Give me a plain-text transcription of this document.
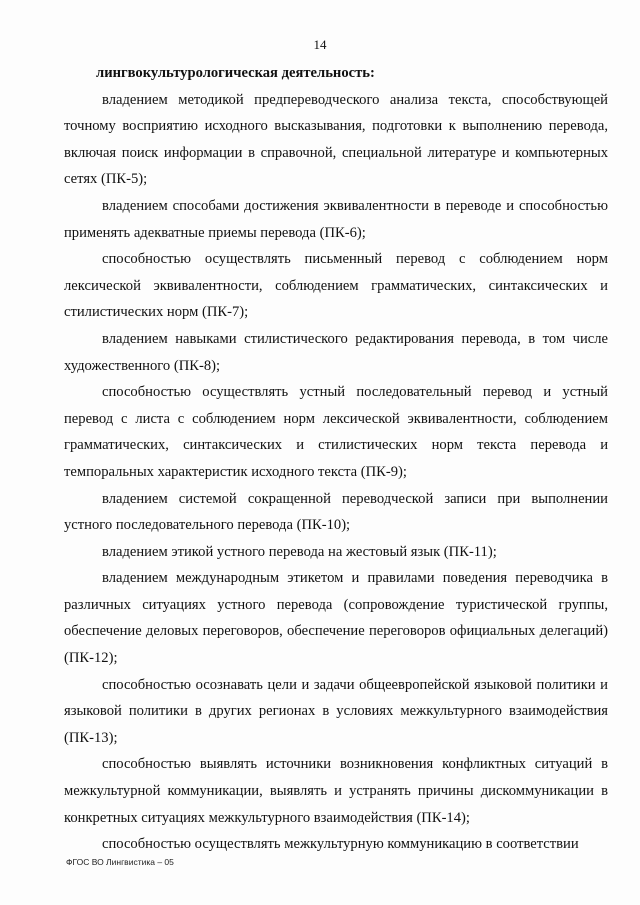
14

лингвокультурологическая деятельность:

владением методикой предпереводческого анализа текста, способствующей точному восприятию исходного высказывания, подготовки к выполнению перевода, включая поиск информации в справочной, специальной литературе и компьютерных сетях (ПК-5);

владением способами достижения эквивалентности в переводе и способностью применять адекватные приемы перевода (ПК-6);

способностью осуществлять письменный перевод с соблюдением норм лексической эквивалентности, соблюдением грамматических, синтаксических и стилистических норм (ПК-7);

владением навыками стилистического редактирования перевода, в том числе художественного (ПК-8);

способностью осуществлять устный последовательный перевод и устный перевод с листа с соблюдением норм лексической эквивалентности, соблюдением грамматических, синтаксических и стилистических норм текста перевода и темпоральных характеристик исходного текста (ПК-9);

владением системой сокращенной переводческой записи при выполнении устного последовательного перевода (ПК-10);

владением этикой устного перевода на жестовый язык (ПК-11);

владением международным этикетом и правилами поведения переводчика в различных ситуациях устного перевода (сопровождение туристической группы, обеспечение деловых переговоров, обеспечение переговоров официальных делегаций) (ПК-12);

способностью осознавать цели и задачи общеевропейской языковой политики и языковой политики в других регионах в условиях межкультурного взаимодействия (ПК-13);

способностью выявлять источники возникновения конфликтных ситуаций в межкультурной коммуникации, выявлять и устранять причины дискоммуникации в конкретных ситуациях межкультурного взаимодействия (ПК-14);

способностью осуществлять межкультурную коммуникацию в соответствии

ФГОС ВО Лингвистика – 05
